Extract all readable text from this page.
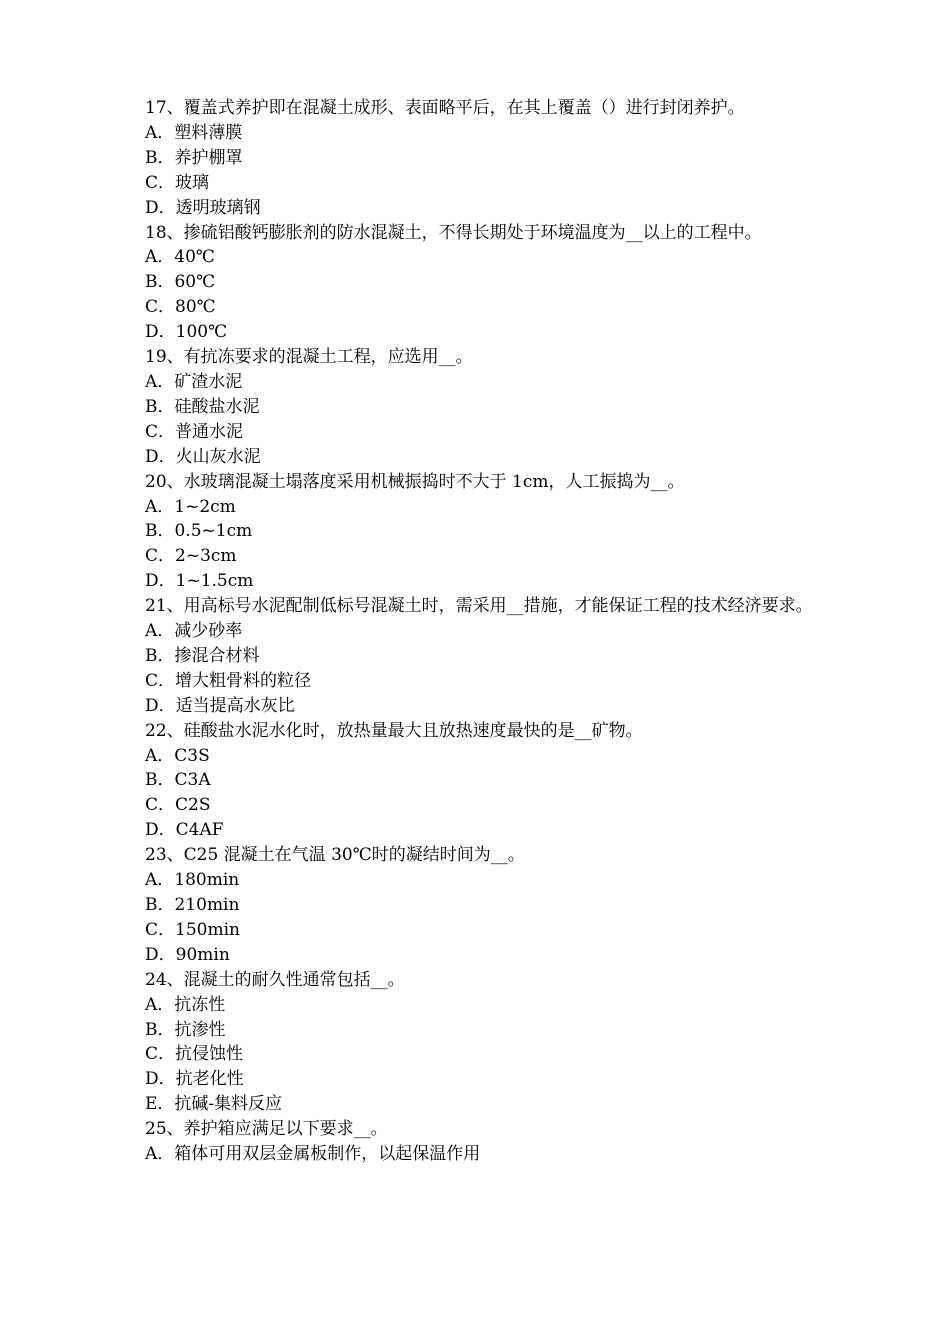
17、覆盖式养护即在混凝土成形、表面略平后，在其上覆盖（）进行封闭养护。
A．塑料薄膜
B．养护棚罩
C．玻璃
D．透明玻璃钢
18、掺硫铝酸钙膨胀剂的防水混凝土，不得长期处于环境温度为__以上的工程中。
A．40℃
B．60℃
C．80℃
D．100℃
19、有抗冻要求的混凝土工程，应选用__。
A．矿渣水泥
B．硅酸盐水泥
C．普通水泥
D．火山灰水泥
20、水玻璃混凝土塌落度采用机械振捣时不大于 1cm，人工振捣为__。
A．1~2cm
B．0.5~1cm
C．2~3cm
D．1~1.5cm
21、用高标号水泥配制低标号混凝土时，需采用__措施，才能保证工程的技术经济要求。
A．减少砂率
B．掺混合材料
C．增大粗骨料的粒径
D．适当提高水灰比
22、硅酸盐水泥水化时，放热量最大且放热速度最快的是__矿物。
A．C3S
B．C3A
C．C2S
D．C4AF
23、C25 混凝土在气温 30℃时的凝结时间为__。
A．180min
B．210min
C．150min
D．90min
24、混凝土的耐久性通常包括__。
A．抗冻性
B．抗渗性
C．抗侵蚀性
D．抗老化性
E．抗碱-集料反应
25、养护箱应满足以下要求__。
A．箱体可用双层金属板制作，以起保温作用
